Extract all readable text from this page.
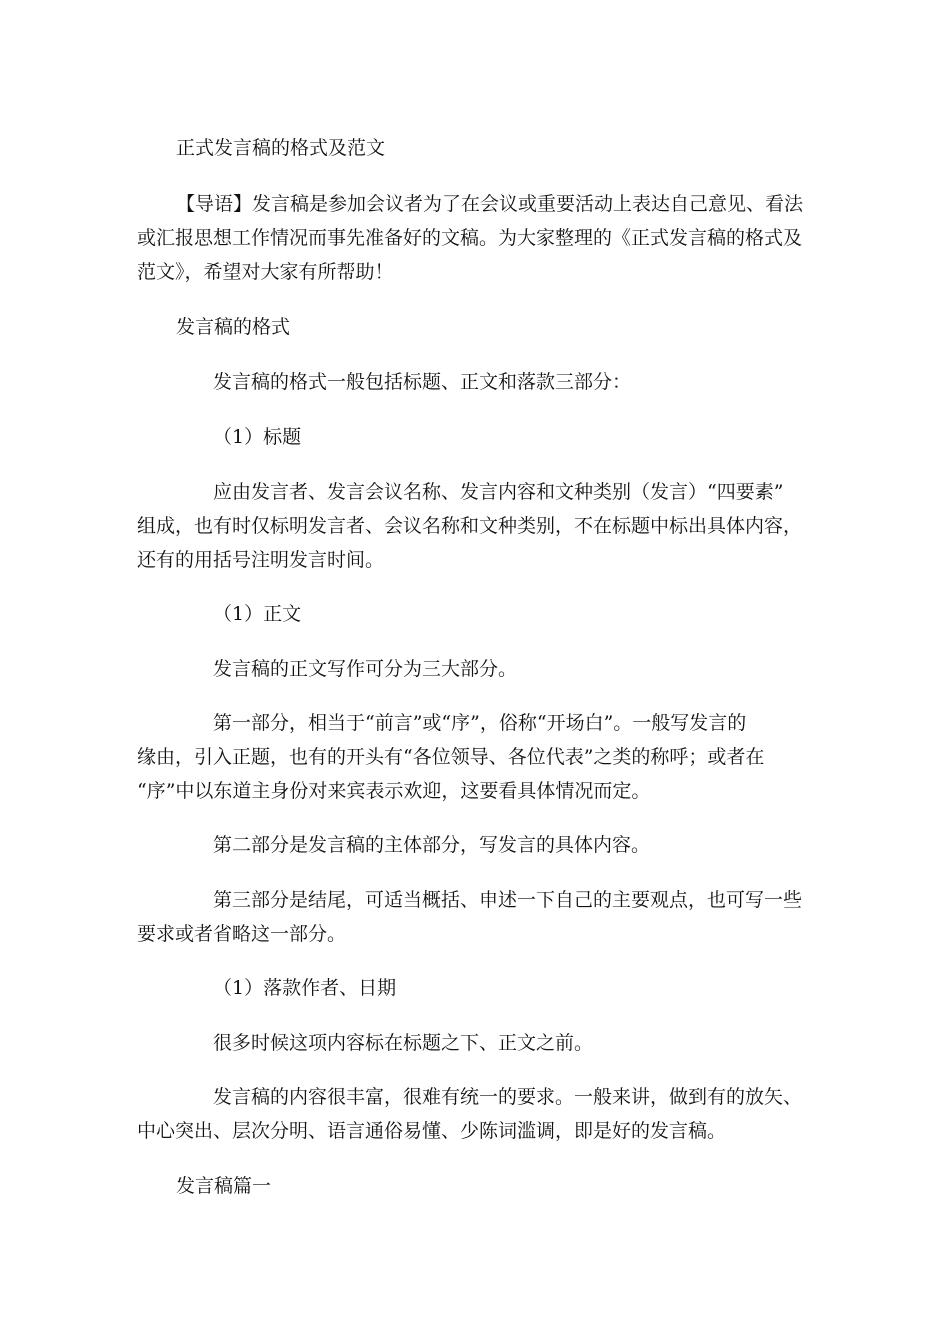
正式发言稿的格式及范文

【导语】发言稿是参加会议者为了在会议或重要活动上表达自己意见、看法

或汇报思想工作情况而事先准备好的文稿。为大家整理的《正式发言稿的格式及

范文》，希望对大家有所帮助！

发言稿的格式

发言稿的格式一般包括标题、正文和落款三部分：

（1）标题

应由发言者、发言会议名称、发言内容和文种类别（发言）“四要素”

组成，也有时仅标明发言者、会议名称和文种类别，不在标题中标出具体内容，

还有的用括号注明发言时间。

（1）正文

发言稿的正文写作可分为三大部分。

第一部分，相当于“前言”或“序”，俗称“开场白”。一般写发言的

缘由，引入正题，也有的开头有“各位领导、各位代表”之类的称呼；或者在

“序”中以东道主身份对来宾表示欢迎，这要看具体情况而定。

第二部分是发言稿的主体部分，写发言的具体内容。

第三部分是结尾，可适当概括、申述一下自己的主要观点，也可写一些

要求或者省略这一部分。

（1）落款作者、日期

很多时候这项内容标在标题之下、正文之前。

发言稿的内容很丰富，很难有统一的要求。一般来讲，做到有的放矢、

中心突出、层次分明、语言通俗易懂、少陈词滥调，即是好的发言稿。

发言稿篇一
